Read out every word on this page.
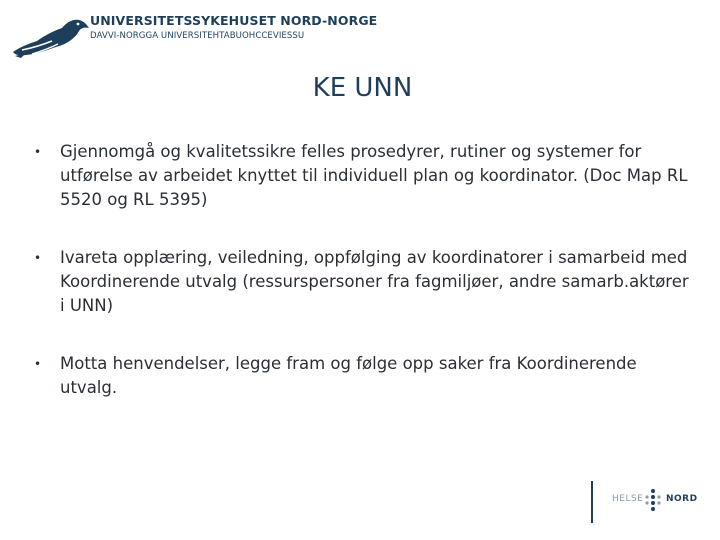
UNIVERSITETSSYKEHUSET NORD-NORGE
DAVVI-NORGGA UNIVERSITEHTABUOHCCEVIESSU
KE UNN
• Gjennomgå og kvalitetssikre felles prosedyrer, rutiner og systemer for utførelse av arbeidet knyttet til individuell plan og koordinator. (Doc Map RL 5520 og RL 5395)
• Ivareta opplæring, veiledning, oppfølging av koordinatorer i samarbeid med Koordinerende utvalg (ressurspersoner fra fagmiljøer, andre samarb.aktører i UNN)
• Motta henvendelser, legge fram og følge opp saker fra Koordinerende utvalg.
HELSE	NORD
